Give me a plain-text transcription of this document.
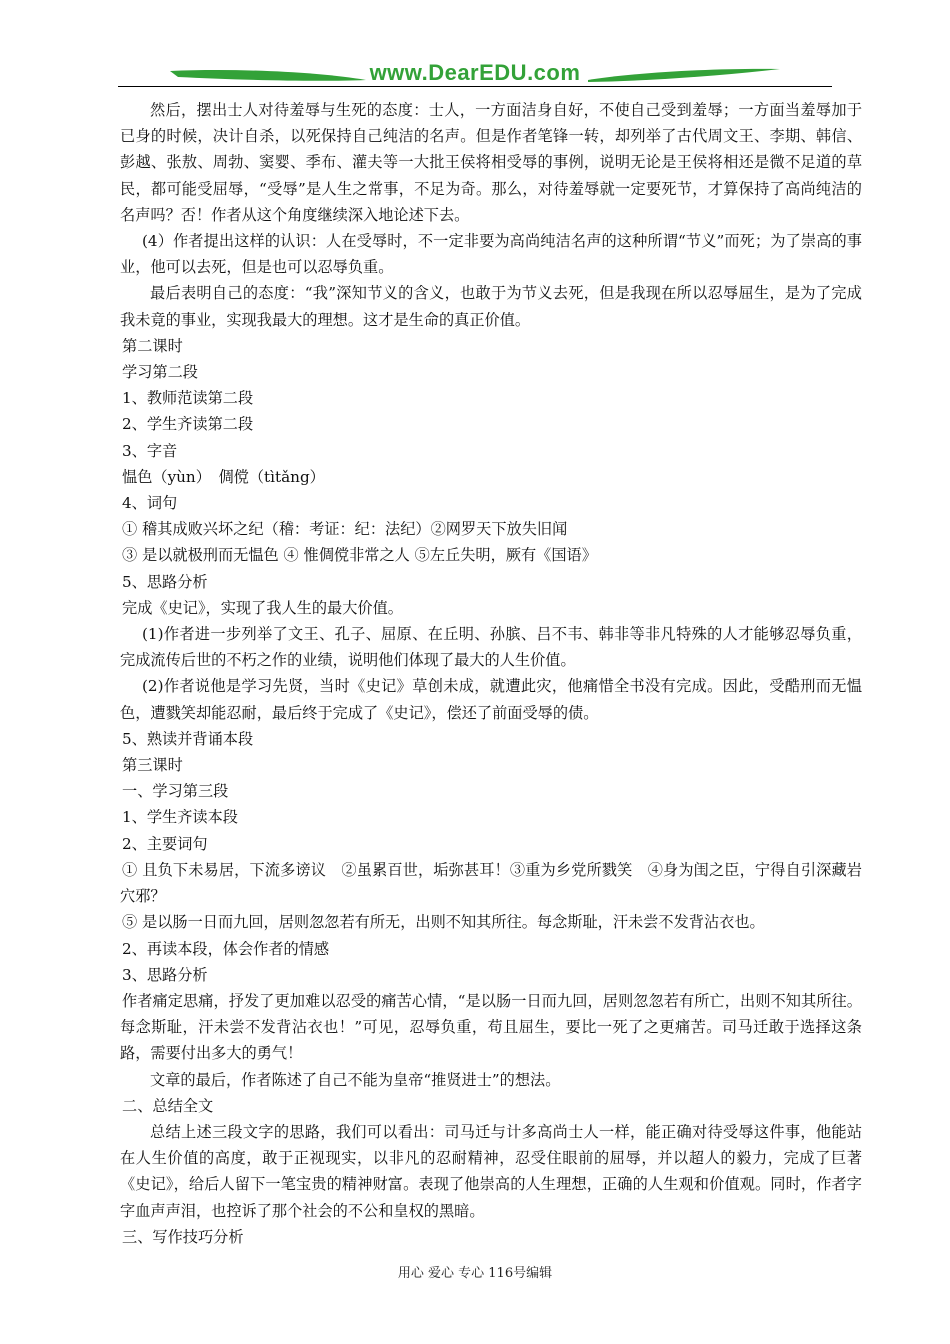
www.DearEDU.com

然后，摆出士人对待羞辱与生死的态度：士人，一方面洁身自好，不使自己受到羞辱；一方面当羞辱加于已身的时候，决计自杀，以死保持自己纯洁的名声。但是作者笔锋一转，却列举了古代周文王、李期、韩信、彭越、张敖、周勃、窦婴、季布、灌夫等一大批王侯将相受辱的事例，说明无论是王侯将相还是微不足道的草民，都可能受屈辱，“受辱”是人生之常事，不足为奇。那么，对待羞辱就一定要死节，才算保持了高尚纯洁的名声吗？否！作者从这个角度继续深入地论述下去。

(4）作者提出这样的认识：人在受辱时，不一定非要为高尚纯洁名声的这种所谓“节义”而死；为了崇高的事业，他可以去死，但是也可以忍辱负重。

最后表明自己的态度：“我”深知节义的含义，也敢于为节义去死，但是我现在所以忍辱屈生，是为了完成我未竟的事业，实现我最大的理想。这才是生命的真正价值。

第二课时

学习第二段

1、教师范读第二段

2、学生齐读第二段

3、字音

愠色（yùn）　倜傥（tìtǎng）

4、词句

① 稽其成败兴坏之纪（稽：考证：纪：法纪）②网罗天下放失旧闻

③ 是以就极刑而无愠色 ④ 惟倜傥非常之人 ⑤左丘失明，厥有《国语》

5、思路分析

完成《史记》，实现了我人生的最大价值。

(1)作者进一步列举了文王、孔子、屈原、在丘明、孙膑、吕不韦、韩非等非凡特殊的人才能够忍辱负重，完成流传后世的不朽之作的业绩，说明他们体现了最大的人生价值。

(2)作者说他是学习先贤，当时《史记》草创未成，就遭此灾，他痛惜全书没有完成。因此，受酷刑而无愠色，遭戮笑却能忍耐，最后终于完成了《史记》，偿还了前面受辱的债。

5、熟读并背诵本段

第三课时

一、学习第三段

1、学生齐读本段

2、主要词句

① 且负下未易居，下流多谤议　②虽累百世，垢弥甚耳！③重为乡党所戮笑　④身为闺之臣，宁得自引深藏岩穴邪？

⑤ 是以肠一日而九回，居则忽忽若有所无，出则不知其所往。每念斯耻，汗未尝不发背沾衣也。

2、再读本段，体会作者的情感

3、思路分析

作者痛定思痛，抒发了更加难以忍受的痛苦心情，“是以肠一日而九回，居则忽忽若有所亡，出则不知其所往。每念斯耻，汗未尝不发背沾衣也！”可见，忍辱负重，苟且屈生，要比一死了之更痛苦。司马迁敢于选择这条路，需要付出多大的勇气！

文章的最后，作者陈述了自己不能为皇帝“推贤进士”的想法。

二、总结全文

总结上述三段文字的思路，我们可以看出：司马迁与计多高尚士人一样，能正确对待受辱这件事，他能站在人生价值的高度，敢于正视现实，以非凡的忍耐精神，忍受住眼前的屈辱，并以超人的毅力，完成了巨著《史记》，给后人留下一笔宝贵的精神财富。表现了他崇高的人生理想，正确的人生观和价值观。同时，作者字字血声声泪，也控诉了那个社会的不公和皇权的黑暗。

三、写作技巧分析

用心 爱心 专心 116号编辑
